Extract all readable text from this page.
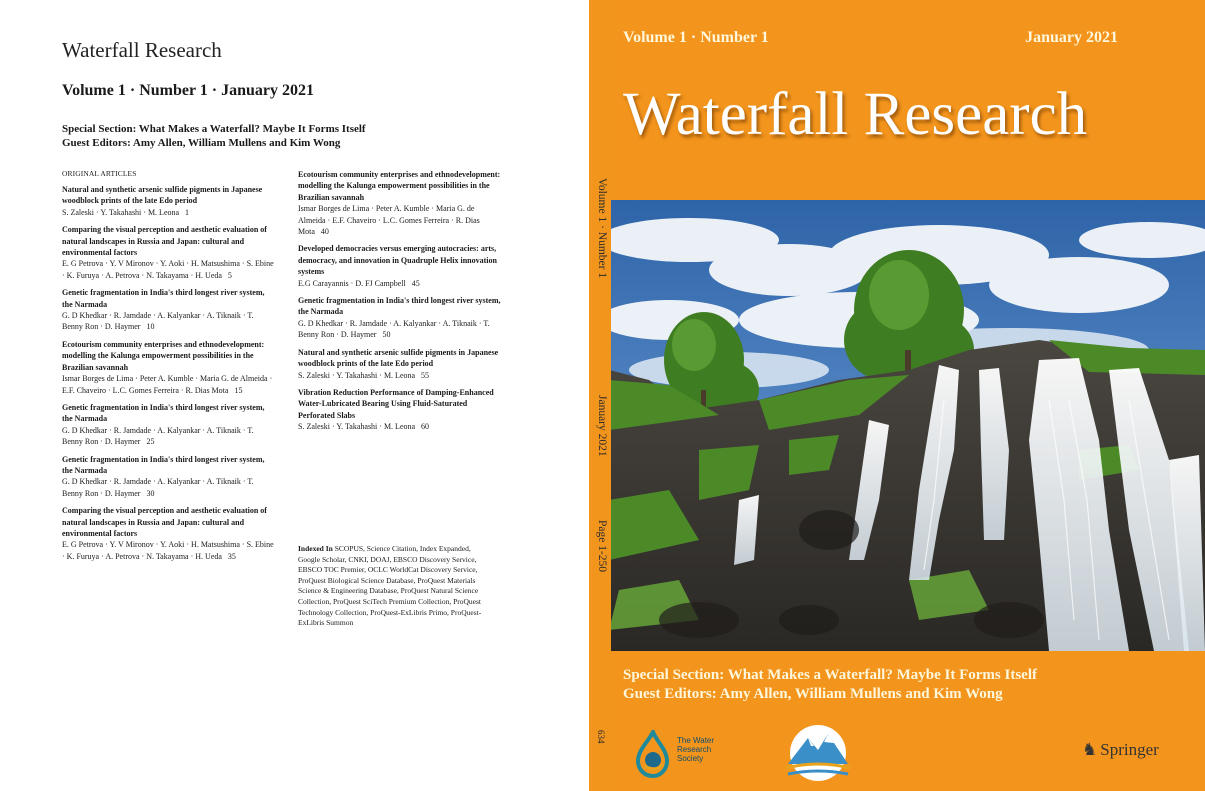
Waterfall Research
Volume 1 · Number 1 · January 2021
Special Section: What Makes a Waterfall? Maybe It Forms Itself
Guest Editors: Amy Allen, William Mullens and Kim Wong
ORIGINAL ARTICLES
Natural and synthetic arsenic sulfide pigments in Japanese woodblock prints of the late Edo period
S. Zaleski · Y. Takahashi · M. Leona 1
Comparing the visual perception and aesthetic evaluation of natural landscapes in Russia and Japan: cultural and environmental factors
E. G Petrova · Y. V Mironov · Y. Aoki · H. Matsushima · S. Ebine · K. Furuya · A. Petrova · N. Takayama · H. Ueda 5
Genetic fragmentation in India's third longest river system, the Narmada
G. D Khedkar · R. Jamdade · A. Kalyankar · A. Tiknaik · T. Benny Ron · D. Haymer 10
Ecotourism community enterprises and ethnodevelopment: modelling the Kalunga empowerment possibilities in the Brazilian savannah
Ismar Borges de Lima · Peter A. Kumble · Maria G. de Almeida · E.F. Chaveiro · L.C. Gomes Ferreira · R. Dias Mota 15
Genetic fragmentation in India's third longest river system, the Narmada
G. D Khedkar · R. Jamdade · A. Kalyankar · A. Tiknaik · T. Benny Ron · D. Haymer 25
Genetic fragmentation in India's third longest river system, the Narmada
G. D Khedkar · R. Jamdade · A. Kalyankar · A. Tiknaik · T. Benny Ron · D. Haymer 30
Comparing the visual perception and aesthetic evaluation of natural landscapes in Russia and Japan: cultural and environmental factors
E. G Petrova · Y. V Mironov · Y. Aoki · H. Matsushima · S. Ebine · K. Furuya · A. Petrova · N. Takayama · H. Ueda 35
Ecotourism community enterprises and ethnodevelopment: modelling the Kalunga empowerment possibilities in the Brazilian savannah
Ismar Borges de Lima · Peter A. Kumble · Maria G. de Almeida · E.F. Chaveiro · L.C. Gomes Ferreira · R. Dias Mota 40
Developed democracies versus emerging autocracies: arts, democracy, and innovation in Quadruple Helix innovation systems
E.G Carayannis · D. FJ Campbell 45
Genetic fragmentation in India's third longest river system, the Narmada
G. D Khedkar · R. Jamdade · A. Kalyankar · A. Tiknaik · T. Benny Ron · D. Haymer 50
Natural and synthetic arsenic sulfide pigments in Japanese woodblock prints of the late Edo period
S. Zaleski · Y. Takahashi · M. Leona 55
Vibration Reduction Performance of Damping-Enhanced Water-Lubricated Bearing Using Fluid-Saturated Perforated Slabs
S. Zaleski · Y. Takahashi · M. Leona 60
Indexed In SCOPUS, Science Citation, Index Expanded, Google Scholar, CNKI, DOAJ, EBSCO Discovery Service, EBSCO TOC Premier, OCLC WorldCat Discovery Service, ProQuest Biological Science Database, ProQuest Materials Science & Engineering Database, ProQuest Natural Science Collection, ProQuest SciTech Premium Collection, ProQuest Technology Collection, ProQuest-ExLibris Primo, ProQuest-ExLibris Summon
Volume 1 · Number 1	January 2021
Waterfall Research
Special Section: What Makes a Waterfall? Maybe It Forms Itself
Guest Editors: Amy Allen, William Mullens and Kim Wong
The Water Research Society	♞ Springer
Volume 1 · Number 1
January 2021
Page 1-250
634
